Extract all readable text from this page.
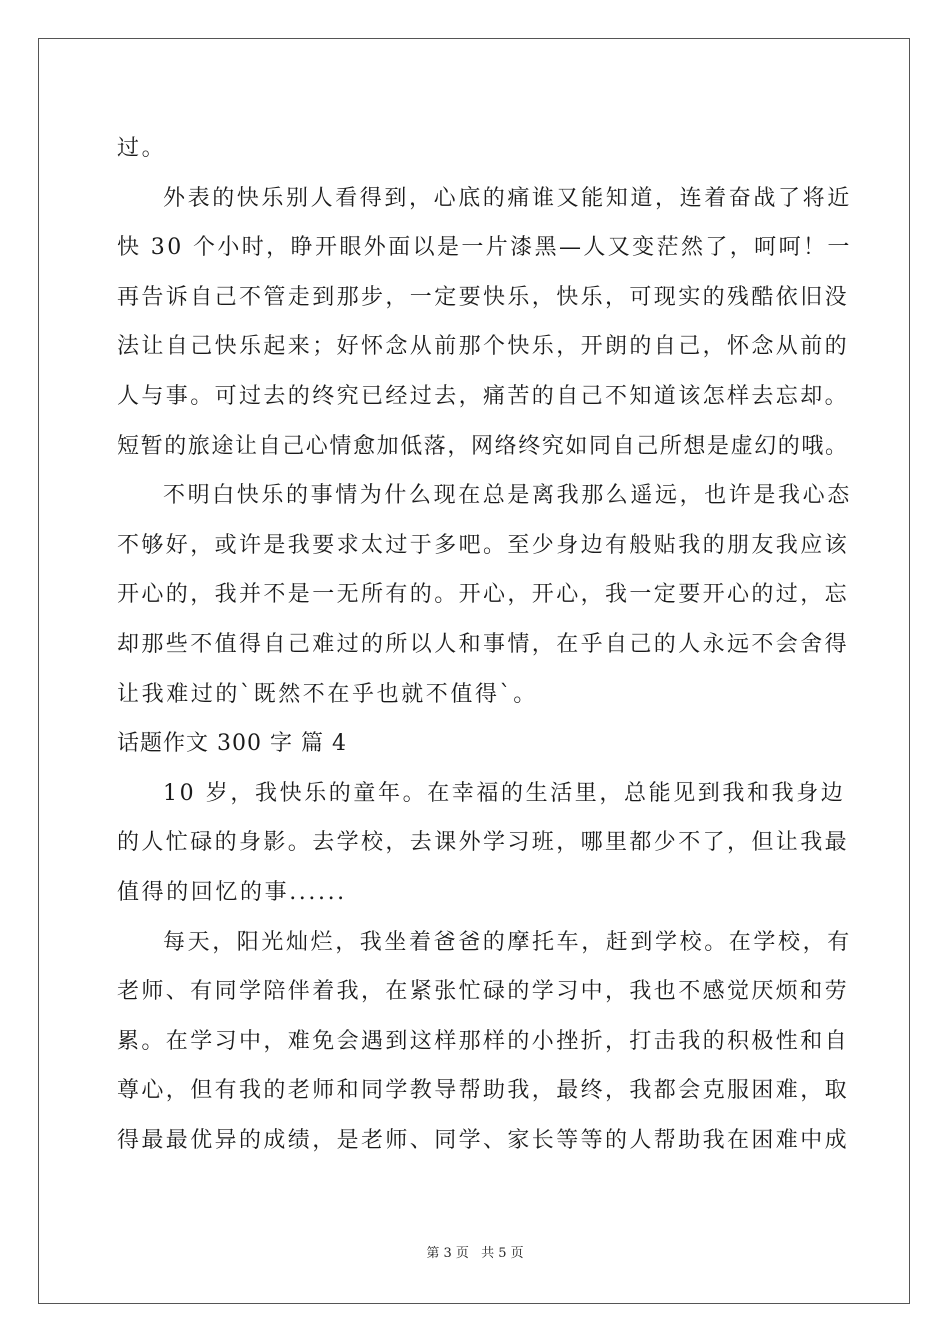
过。
外表的快乐别人看得到，心底的痛谁又能知道，连着奋战了将近
快 30 个小时，睁开眼外面以是一片漆黑—人又变茫然了，呵呵！一
再告诉自己不管走到那步，一定要快乐，快乐，可现实的残酷依旧没
法让自己快乐起来；好怀念从前那个快乐，开朗的自己，怀念从前的
人与事。可过去的终究已经过去，痛苦的自己不知道该怎样去忘却。
短暂的旅途让自己心情愈加低落，网络终究如同自己所想是虚幻的哦。
不明白快乐的事情为什么现在总是离我那么遥远，也许是我心态
不够好，或许是我要求太过于多吧。至少身边有般贴我的朋友我应该
开心的，我并不是一无所有的。开心，开心，我一定要开心的过，忘
却那些不值得自己难过的所以人和事情，在乎自己的人永远不会舍得
让我难过的`既然不在乎也就不值得`。
话题作文 300 字 篇 4
10 岁，我快乐的童年。在幸福的生活里，总能见到我和我身边
的人忙碌的身影。去学校，去课外学习班，哪里都少不了，但让我最
值得的回忆的事......
每天，阳光灿烂，我坐着爸爸的摩托车，赶到学校。在学校，有
老师、有同学陪伴着我，在紧张忙碌的学习中，我也不感觉厌烦和劳
累。在学习中，难免会遇到这样那样的小挫折，打击我的积极性和自
尊心，但有我的老师和同学教导帮助我，最终，我都会克服困难，取
得最最优异的成绩，是老师、同学、家长等等的人帮助我在困难中成
第 3 页 共 5 页
